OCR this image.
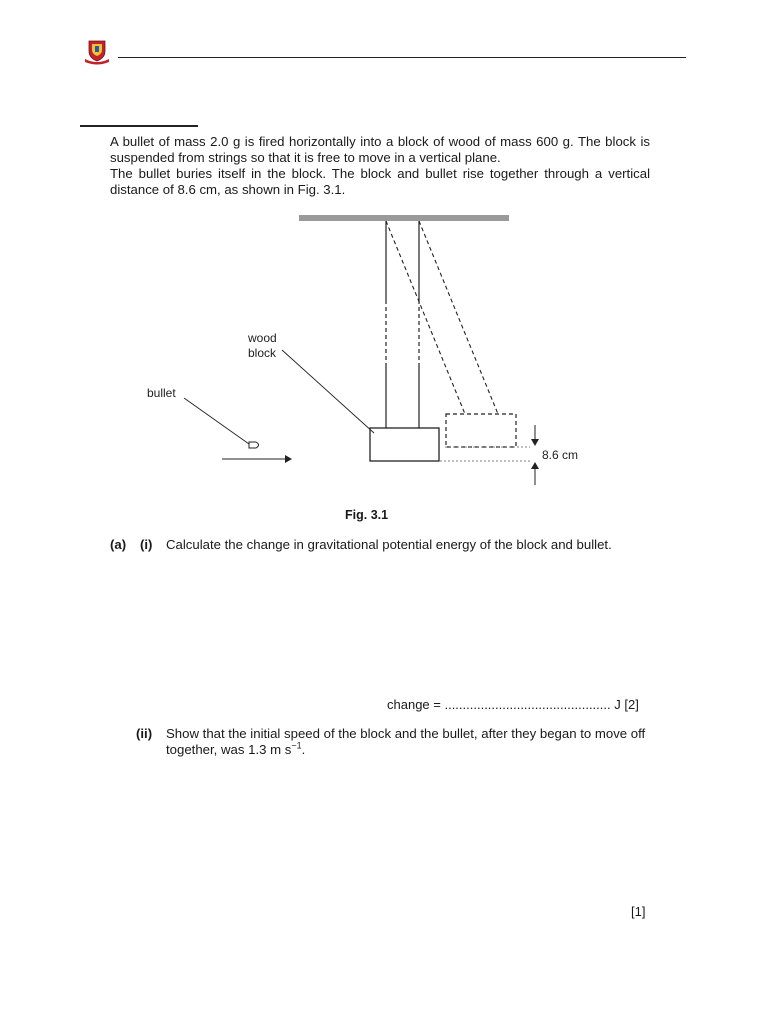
A bullet of mass 2.0 g is fired horizontally into a block of wood of mass 600 g. The block is suspended from strings so that it is free to move in a vertical plane.

The bullet buries itself in the block. The block and bullet rise together through a vertical distance of 8.6 cm, as shown in Fig. 3.1.

8.6 cm
wood
block
bullet
Fig. 3.1
(a) (i) Calculate the change in gravitational potential energy of the block and bullet.
change = .............................................. J [2]
(ii) Show that the initial speed of the block and the bullet, after they began to move off
together, was 1.3 m $s^{-1}$.
[1]
